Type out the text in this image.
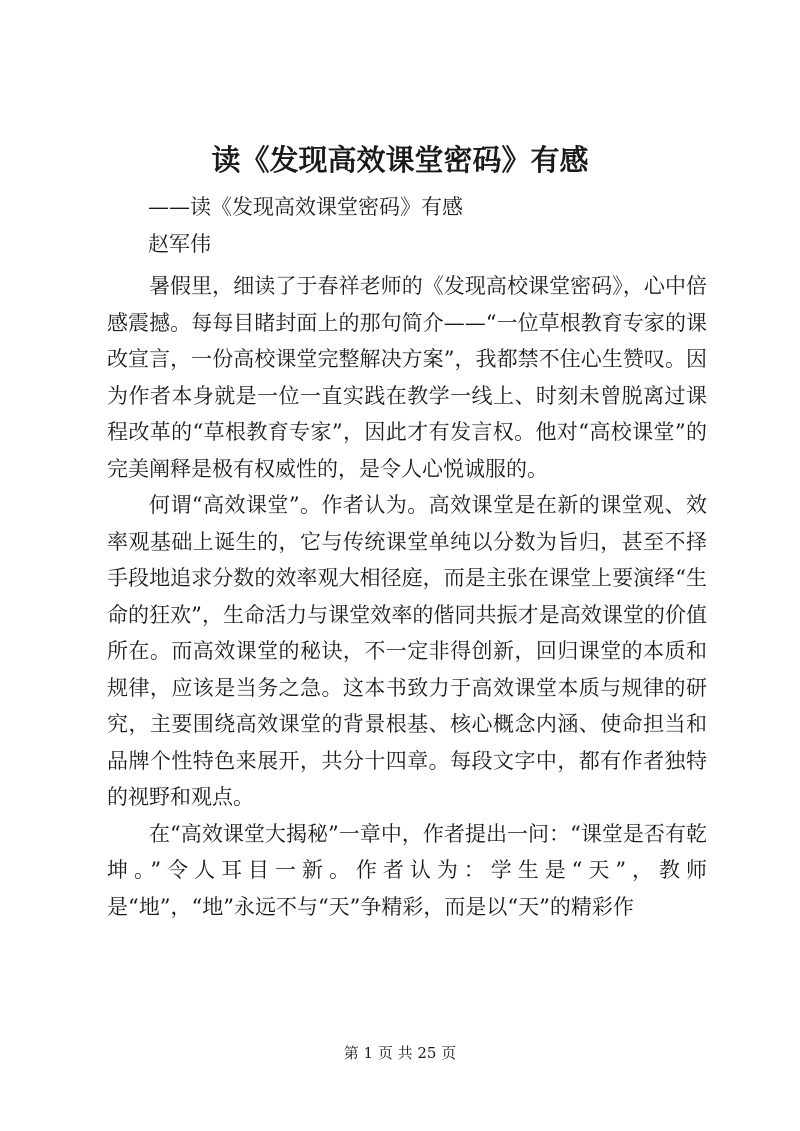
读《发现高效课堂密码》有感
——读《发现高效课堂密码》有感
赵军伟

暑假里，细读了于春祥老师的《发现高校课堂密码》，心中倍感震撼。每每目睹封面上的那句简介——“一位草根教育专家的课改宣言，一份高校课堂完整解决方案”，我都禁不住心生赞叹。因为作者本身就是一位一直实践在教学一线上、时刻未曾脱离过课程改革的“草根教育专家”，因此才有发言权。他对“高校课堂”的完美阐释是极有权威性的，是令人心悦诚服的。

何谓“高效课堂”。作者认为。高效课堂是在新的课堂观、效率观基础上诞生的，它与传统课堂单纯以分数为旨归，甚至不择手段地追求分数的效率观大相径庭，而是主张在课堂上要演绎“生命的狂欢”，生命活力与课堂效率的偕同共振才是高效课堂的价值所在。而高效课堂的秘诀，不一定非得创新，回归课堂的本质和规律，应该是当务之急。这本书致力于高效课堂本质与规律的研究，主要围绕高效课堂的背景根基、核心概念内涵、使命担当和品牌个性特色来展开，共分十四章。每段文字中，都有作者独特的视野和观点。

在“高效课堂大揭秘”一章中，作者提出一问：“课堂是否有乾坤。”令人耳目一新。作者认为：学生是“天”，教师是“地”，“地”永远不与“天”争精彩，而是以“天”的精彩作

第 1 页 共 25 页
